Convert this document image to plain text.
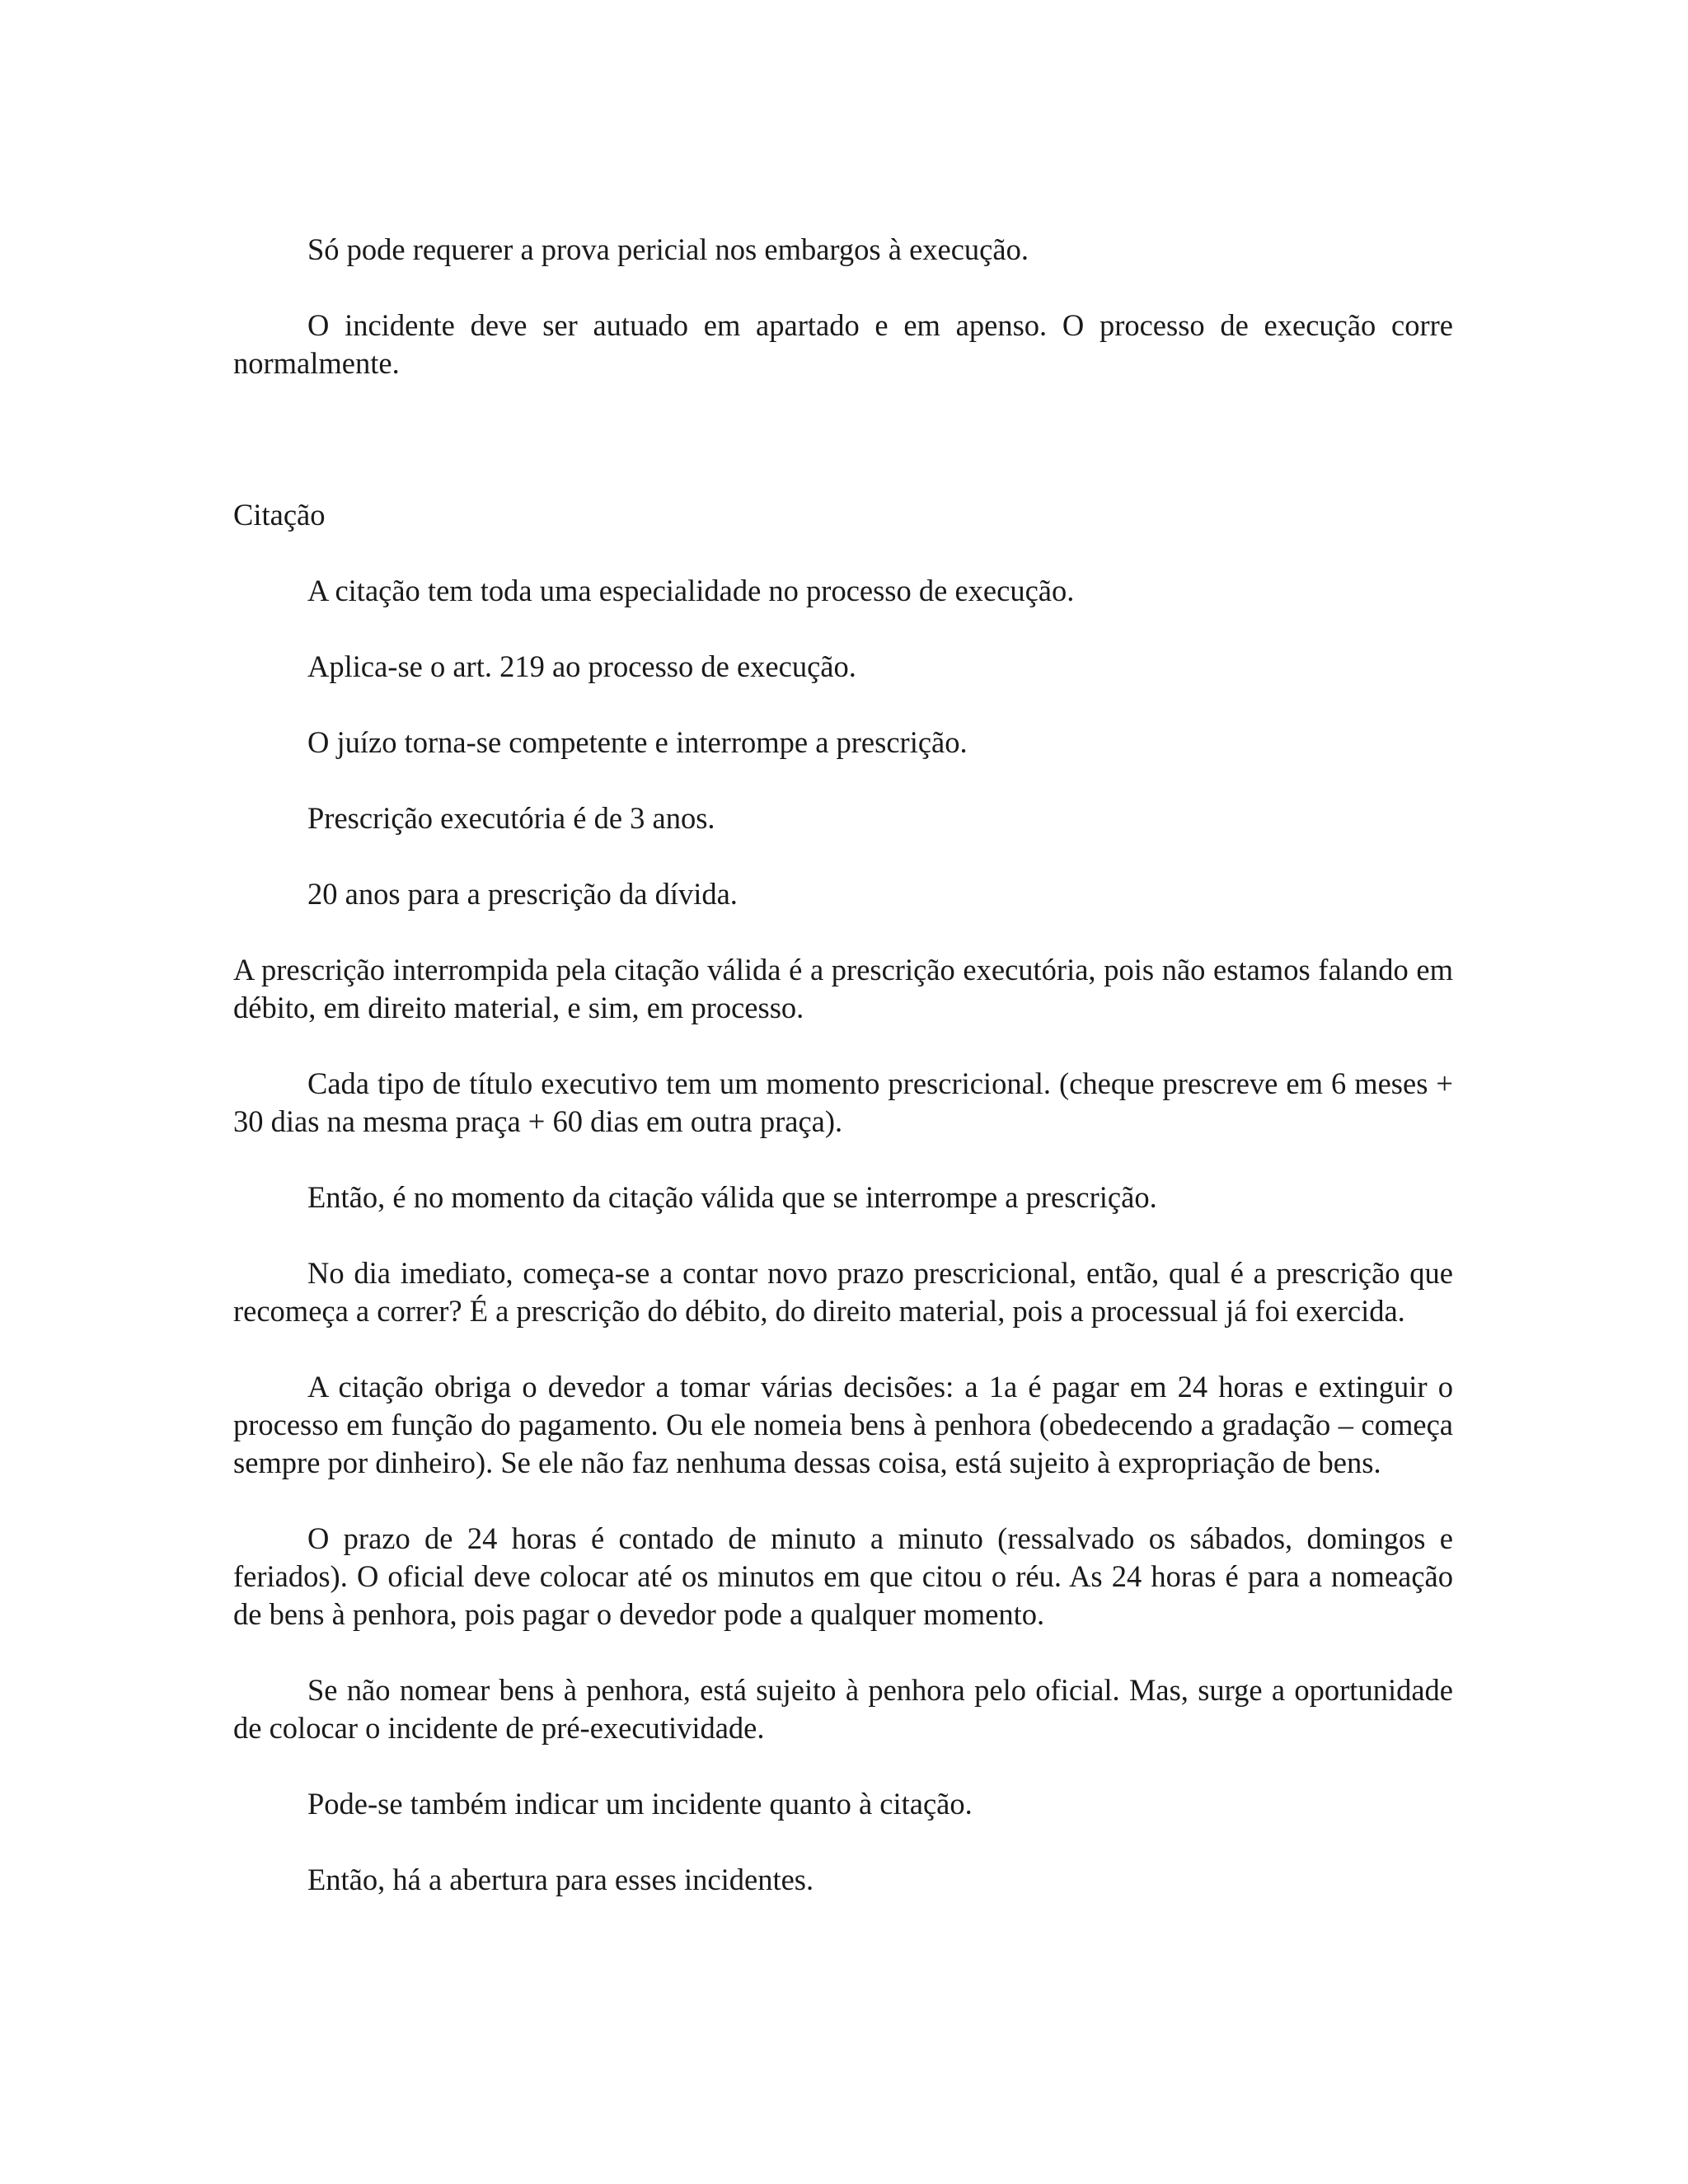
Só pode requerer a prova pericial nos embargos à execução.

O incidente deve ser autuado em apartado e em apenso. O processo de execução corre normalmente.

Citação

A citação tem toda uma especialidade no processo de execução.

Aplica-se o art. 219 ao processo de execução.

O juízo torna-se competente e interrompe a prescrição.

Prescrição executória é de 3 anos.

20 anos para a prescrição da dívida.

A prescrição interrompida pela citação válida é a prescrição executória, pois não estamos falando em débito, em direito material, e sim, em processo.

Cada tipo de título executivo tem um momento prescricional. (cheque prescreve em 6 meses + 30 dias na mesma praça + 60 dias em outra praça).

Então, é no momento da citação válida que se interrompe a prescrição.

No dia imediato, começa-se a contar novo prazo prescricional, então, qual é a prescrição que recomeça a correr? É a prescrição do débito, do direito material, pois a processual já foi exercida.

A citação obriga o devedor a tomar várias decisões: a 1a é pagar em 24 horas e extinguir o processo em função do pagamento. Ou ele nomeia bens à penhora (obedecendo a gradação – começa sempre por dinheiro). Se ele não faz nenhuma dessas coisa, está sujeito à expropriação de bens.

O prazo de 24 horas é contado de minuto a minuto (ressalvado os sábados, domingos e feriados). O oficial deve colocar até os minutos em que citou o réu. As 24 horas é para a nomeação de bens à penhora, pois pagar o devedor pode a qualquer momento.

Se não nomear bens à penhora, está sujeito à penhora pelo oficial. Mas, surge a oportunidade de colocar o incidente de pré-executividade.

Pode-se também indicar um incidente quanto à citação.

Então, há a abertura para esses incidentes.
